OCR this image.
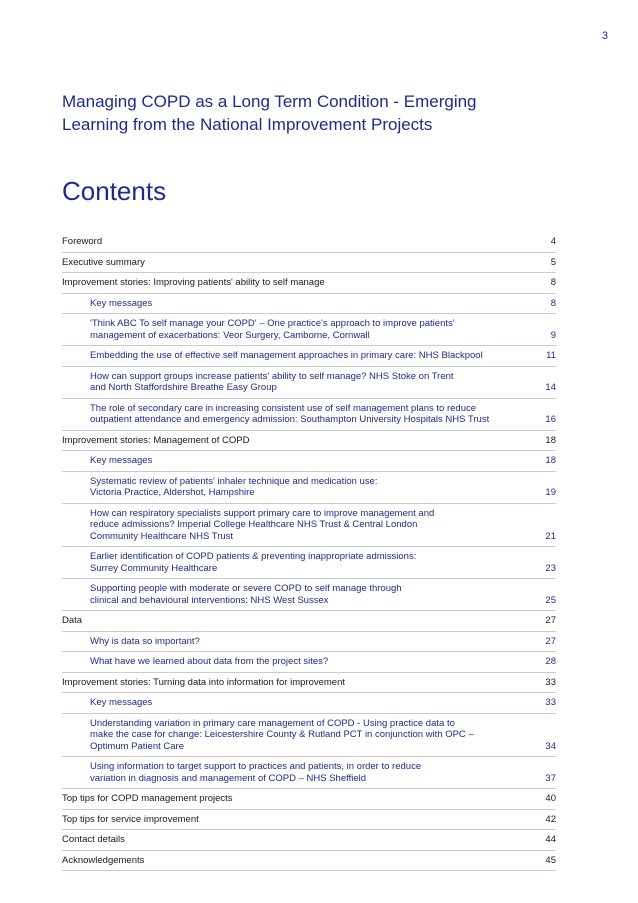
3
Managing COPD as a Long Term Condition - Emerging
Learning from the National Improvement Projects
Contents
Foreword	4
Executive summary	5
Improvement stories: Improving patients' ability to self manage	8
Key messages	8
'Think ABC To self manage your COPD' – One practice's approach to improve patients'
management of exacerbations: Veor Surgery, Camborne, Cornwall	9
Embedding the use of effective self management approaches in primary care: NHS Blackpool	11
How can support groups increase patients' ability to self manage? NHS Stoke on Trent
and North Staffordshire Breathe Easy Group	14
The role of secondary care in increasing consistent use of self management plans to reduce
outpatient attendance and emergency admission: Southampton University Hospitals NHS Trust	16
Improvement stories: Management of COPD	18
Key messages	18
Systematic review of patients' inhaler technique and medication use:
Victoria Practice, Aldershot, Hampshire	19
How can respiratory specialists support primary care to improve management and
reduce admissions? Imperial College Healthcare NHS Trust & Central London
Community Healthcare NHS Trust	21
Earlier identification of COPD patients & preventing inappropriate admissions:
Surrey Community Healthcare	23
Supporting people with moderate or severe COPD to self manage through
clinical and behavioural interventions: NHS West Sussex	25
Data	27
Why is data so important?	27
What have we learned about data from the project sites?	28
Improvement stories: Turning data into information for improvement	33
Key messages	33
Understanding variation in primary care management of COPD - Using practice data to
make the case for change: Leicestershire County & Rutland PCT in conjunction with OPC –
Optimum Patient Care	34
Using information to target support to practices and patients, in order to reduce
variation in diagnosis and management of COPD – NHS Sheffield	37
Top tips for COPD management projects	40
Top tips for service improvement	42
Contact details	44
Acknowledgements	45
